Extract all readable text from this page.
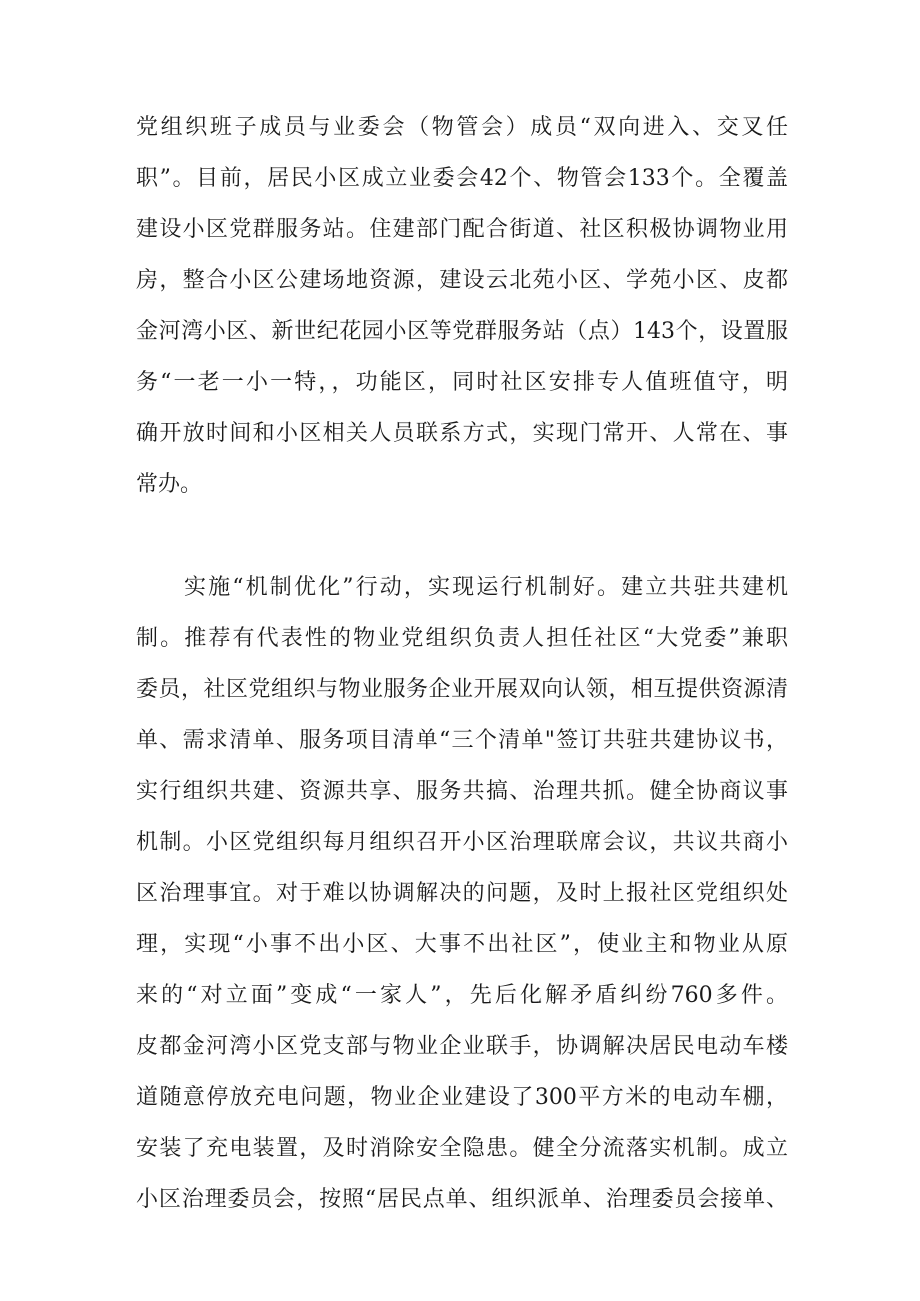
党组织班子成员与业委会（物管会）成员“双向进入、交叉任
职”。目前，居民小区成立业委会42个、物管会133个。全覆盖
建设小区党群服务站。住建部门配合街道、社区积极协调物业用
房，整合小区公建场地资源，建设云北苑小区、学苑小区、皮都
金河湾小区、新世纪花园小区等党群服务站（点）143个，设置服
务“一老一小一特，，功能区，同时社区安排专人值班值守，明
确开放时间和小区相关人员联系方式，实现门常开、人常在、事
常办。
实施“机制优化”行动，实现运行机制好。建立共驻共建机
制。推荐有代表性的物业党组织负责人担任社区“大党委”兼职
委员，社区党组织与物业服务企业开展双向认领，相互提供资源清
单、需求清单、服务项目清单“三个清单"签订共驻共建协议书，
实行组织共建、资源共享、服务共搞、治理共抓。健全协商议事
机制。小区党组织每月组织召开小区治理联席会议，共议共商小
区治理事宜。对于难以协调解决的问题，及时上报社区党组织处
理，实现“小事不出小区、大事不出社区”，使业主和物业从原
来的“对立面”变成“一家人”，先后化解矛盾纠纷760多件。
皮都金河湾小区党支部与物业企业联手，协调解决居民电动车楼
道随意停放充电问题，物业企业建设了300平方米的电动车棚，
安装了充电装置，及时消除安全隐患。健全分流落实机制。成立
小区治理委员会，按照“居民点单、组织派单、治理委员会接单、
